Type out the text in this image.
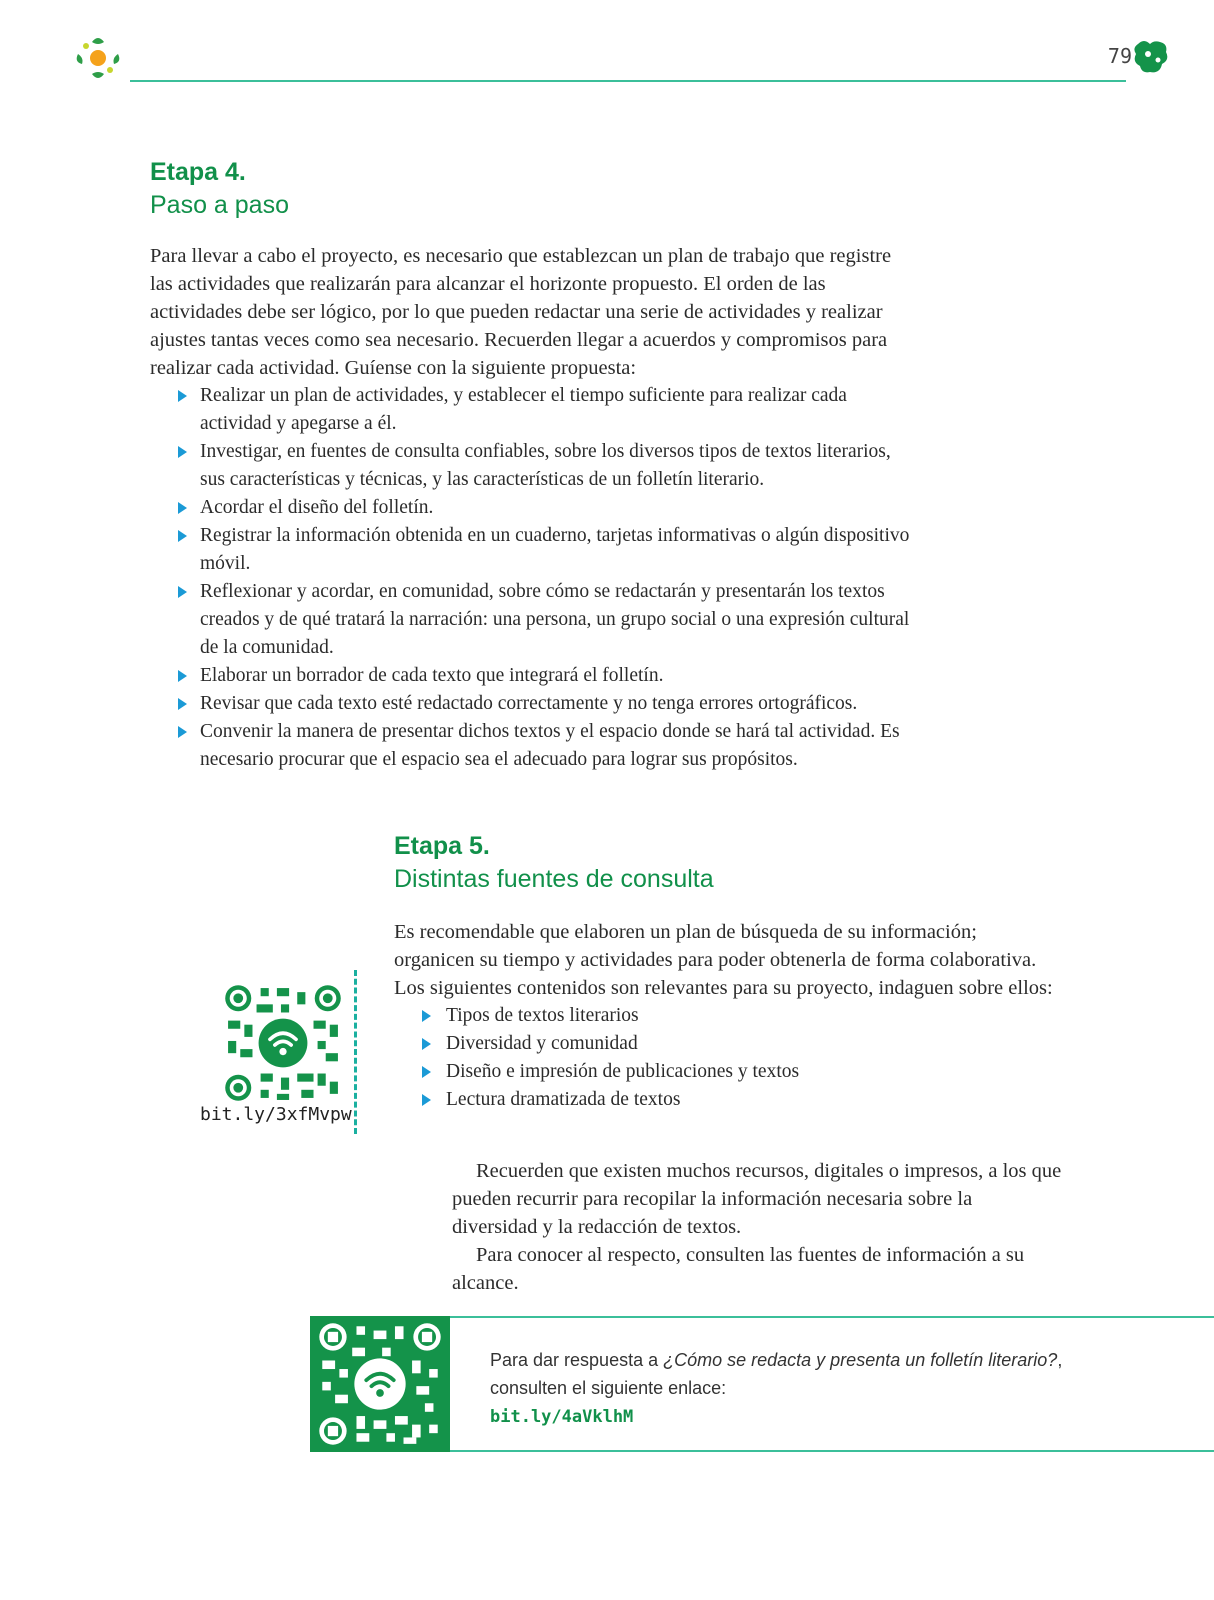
79
Etapa 4.
Paso a paso

Para llevar a cabo el proyecto, es necesario que establezcan un plan de trabajo que registre las actividades que realizarán para alcanzar el horizonte propuesto. El orden de las actividades debe ser lógico, por lo que pueden redactar una serie de actividades y realizar ajustes tantas veces como sea necesario. Recuerden llegar a acuerdos y compromisos para realizar cada actividad. Guíense con la siguiente propuesta:

Realizar un plan de actividades, y establecer el tiempo suficiente para realizar cada actividad y apegarse a él.
Investigar, en fuentes de consulta confiables, sobre los diversos tipos de textos literarios, sus características y técnicas, y las características de un folletín literario.
Acordar el diseño del folletín.
Registrar la información obtenida en un cuaderno, tarjetas informativas o algún dispositivo móvil.
Reflexionar y acordar, en comunidad, sobre cómo se redactarán y presentarán los textos creados y de qué tratará la narración: una persona, un grupo social o una expresión cultural de la comunidad.
Elaborar un borrador de cada texto que integrará el folletín.
Revisar que cada texto esté redactado correctamente y no tenga errores ortográficos.
Convenir la manera de presentar dichos textos y el espacio donde se hará tal actividad. Es necesario procurar que el espacio sea el adecuado para lograr sus propósitos.
Etapa 5.
Distintas fuentes de consulta

Es recomendable que elaboren un plan de búsqueda de su información; organicen su tiempo y actividades para poder obtenerla de forma colaborativa. Los siguientes contenidos son relevantes para su proyecto, indaguen sobre ellos:

Tipos de textos literarios
Diversidad y comunidad
Diseño e impresión de publicaciones y textos
Lectura dramatizada de textos

Recuerden que existen muchos recursos, digitales o impresos, a los que pueden recurrir para recopilar la información necesaria sobre la diversidad y la redacción de textos.

Para conocer al respecto, consulten las fuentes de información a su alcance.

bit.ly/3xfMvpw
Para dar respuesta a ¿Cómo se redacta y presenta un folletín literario?, consulten el siguiente enlace:
bit.ly/4aVklhM
